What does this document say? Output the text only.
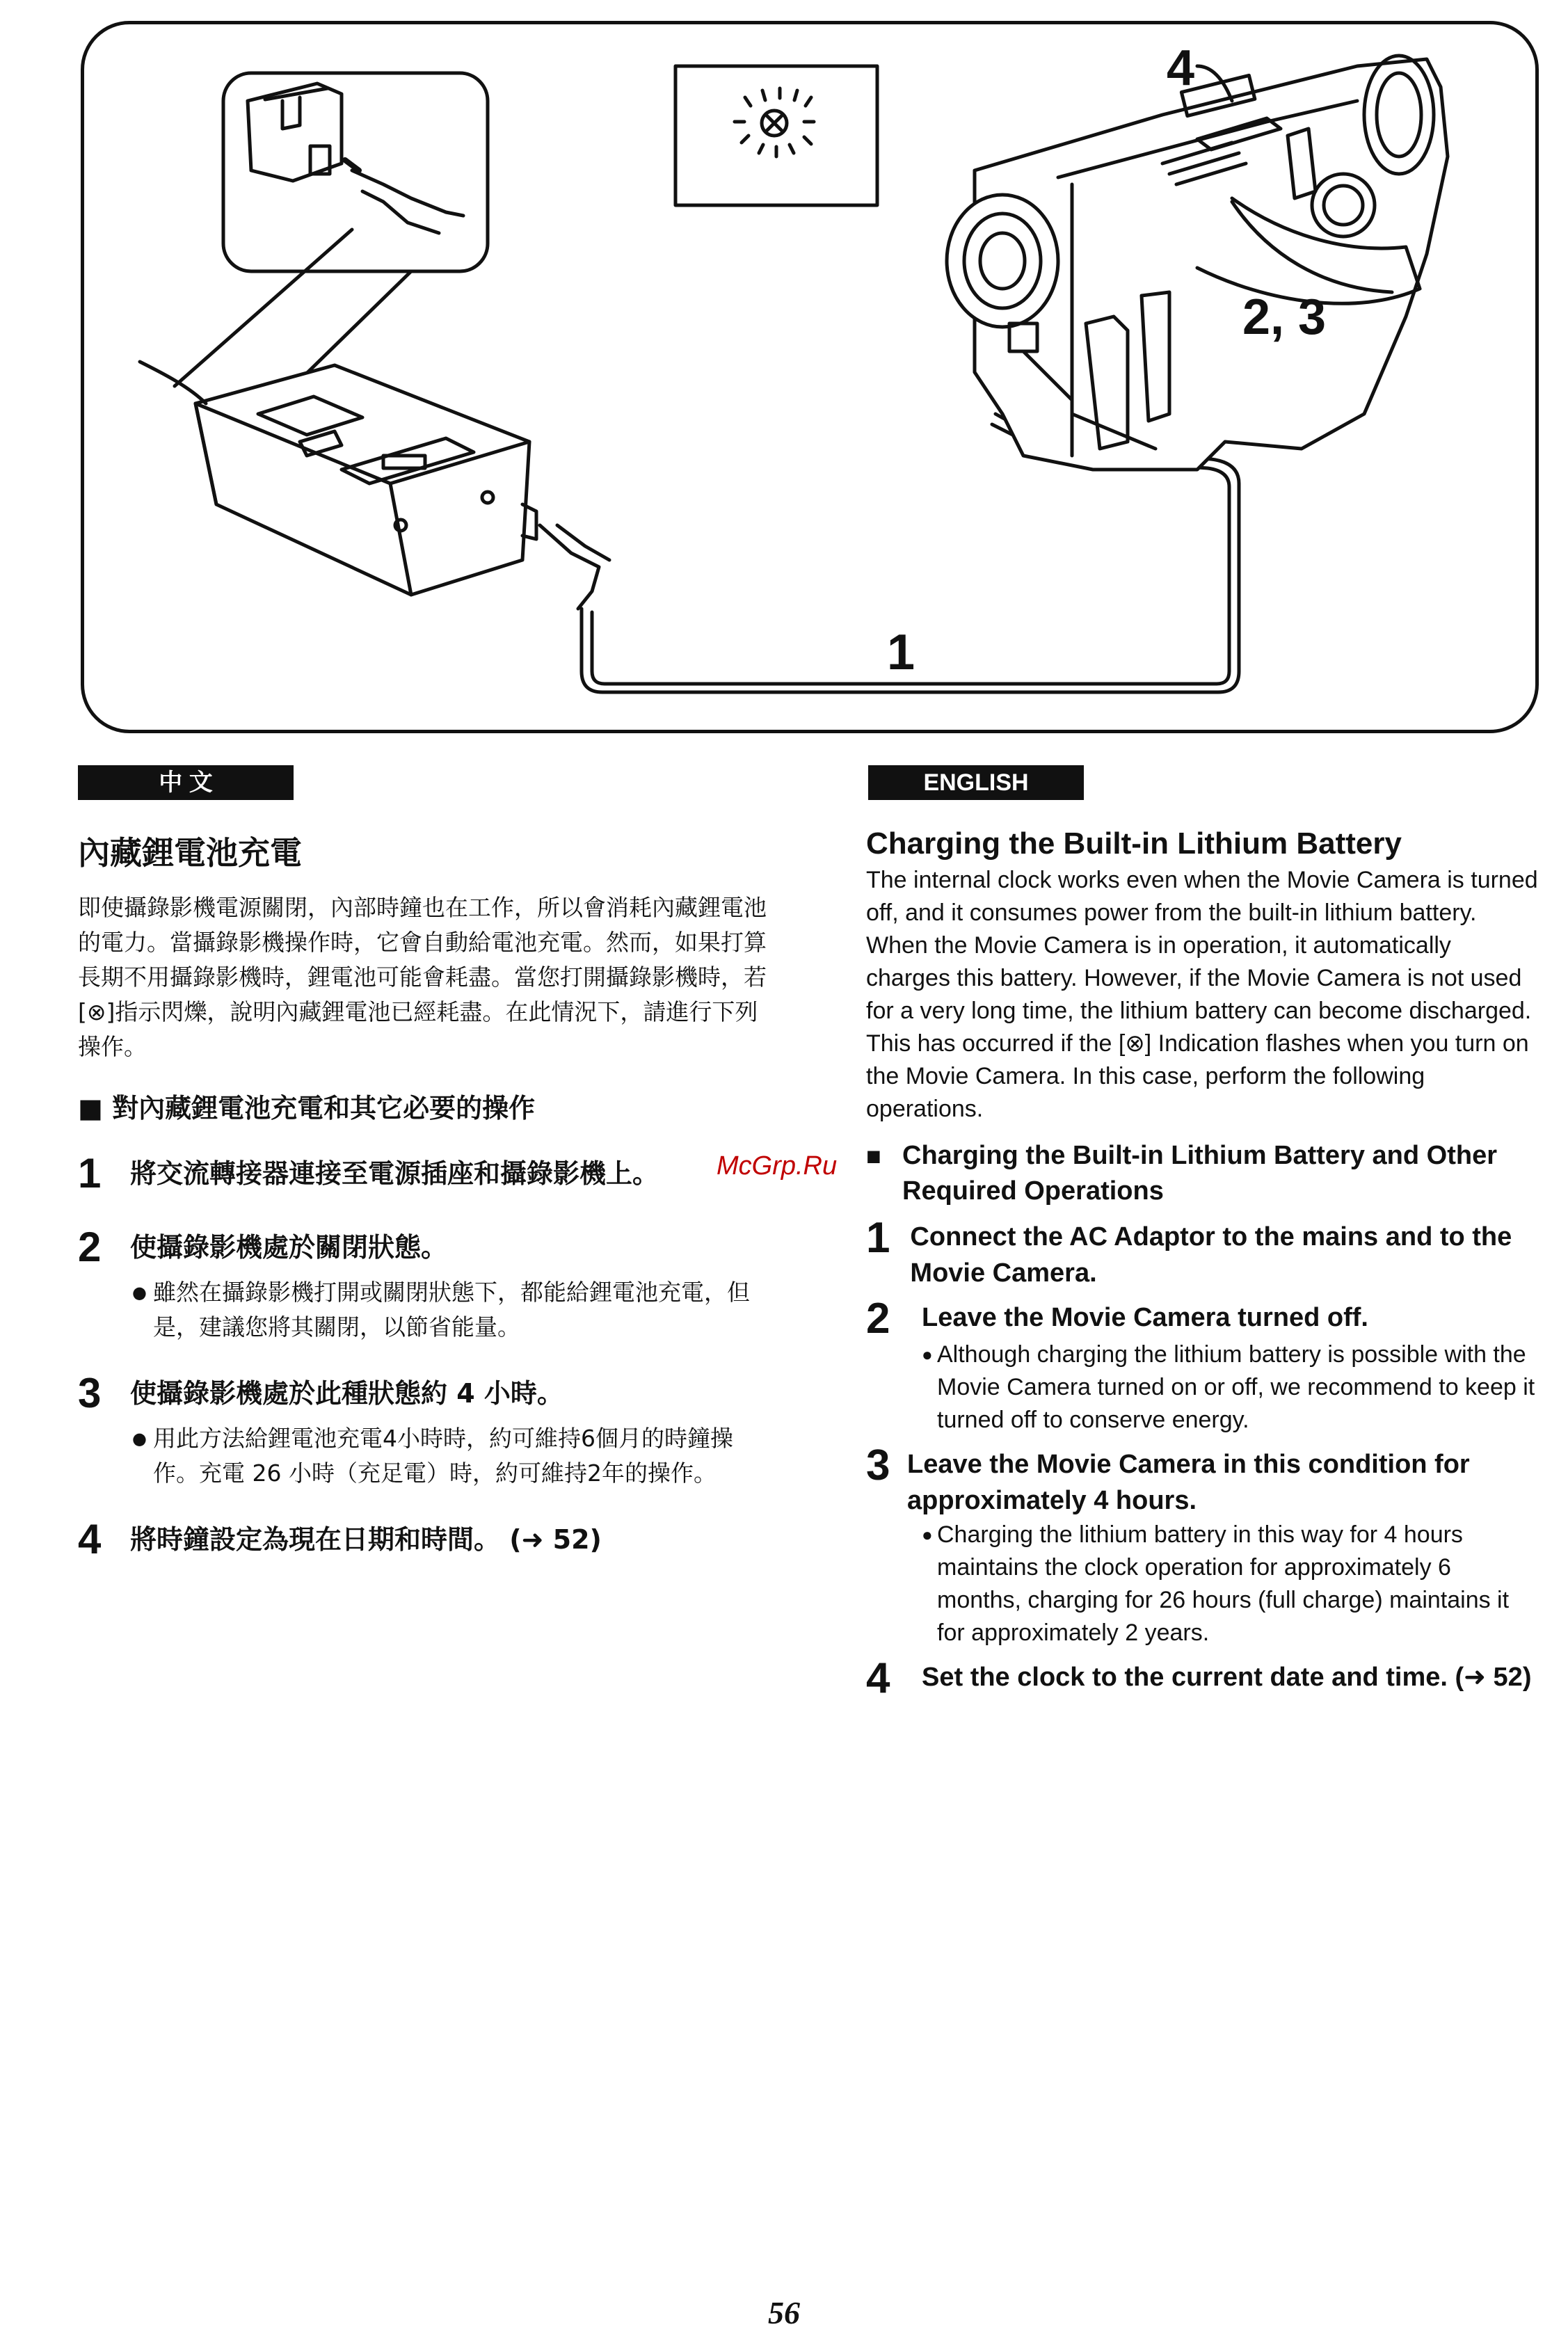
4
2, 3
1
中 文	ENGLISH
內藏鋰電池充電

即使攝錄影機電源關閉，內部時鐘也在工作，所以會消耗內藏鋰電池的電力。當攝錄影機操作時，它會自動給電池充電。然而，如果打算長期不用攝錄影機時，鋰電池可能會耗盡。當您打開攝錄影機時，若[⊗]指示閃爍，說明內藏鋰電池已經耗盡。在此情況下，請進行下列操作。

■ 對內藏鋰電池充電和其它必要的操作
1	將交流轉接器連接至電源插座和攝錄影機上。
2	使攝錄影機處於關閉狀態。
● 雖然在攝錄影機打開或關閉狀態下，都能給鋰電池充電，但是，建議您將其關閉，以節省能量。
3	使攝錄影機處於此種狀態約 4 小時。
● 用此方法給鋰電池充電4小時時，約可維持6個月的時鐘操作。充電 26 小時（充足電）時，約可維持2年的操作。
4	將時鐘設定為現在日期和時間。 (➜ 52)
McGrp.Ru
Charging the Built-in Lithium Battery

The internal clock works even when the Movie Camera is turned off, and it consumes power from the built-in lithium battery. When the Movie Camera is in operation, it automatically charges this battery. However, if the Movie Camera is not used for a very long time, the lithium battery can become discharged. This has occurred if the [⊗] Indication flashes when you turn on the Movie Camera. In this case, perform the following operations.

■ Charging the Built-in Lithium Battery and Other Required Operations
1 Connect the AC Adaptor to the mains and to the Movie Camera.
2	Leave the Movie Camera turned off.
● Although charging the lithium battery is possible with the Movie Camera turned on or off, we recommend to keep it turned off to conserve energy.
3 Leave the Movie Camera in this condition for approximately 4 hours.
● Charging the lithium battery in this way for 4 hours maintains the clock operation for approximately 6 months, charging for 26 hours (full charge) maintains it for approximately 2 years.
4	Set the clock to the current date and time. (➜ 52)
56
